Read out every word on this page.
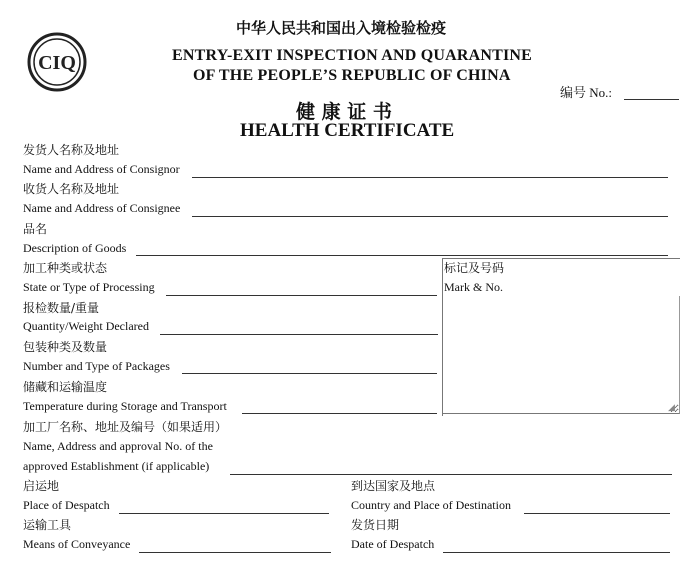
CIQ
中华人民共和国出入境检验检疫
ENTRY-EXIT INSPECTION AND QUARANTINE
OF THE PEOPLE’S REPUBLIC OF CHINA
健 康 证 书
HEALTH CERTIFICATE
编号 No.:
发货人名称及地址
Name and Address of Consignor
收货人名称及地址
Name and Address of Consignee
品名
Description of Goods
加工种类或状态
State or Type of Processing
报检数量/重量
Quantity/Weight Declared
包装种类及数量
Number and Type of Packages
储藏和运输温度
Temperature during Storage and Transport
标记及号码
Mark & No.
◢
加工厂名称、地址及编号（如果适用）
Name, Address and approval No. of the
approved Establishment (if applicable)
启运地
Place of Despatch
到达国家及地点
Country and Place of Destination
运输工具
Means of Conveyance
发货日期
Date of Despatch
